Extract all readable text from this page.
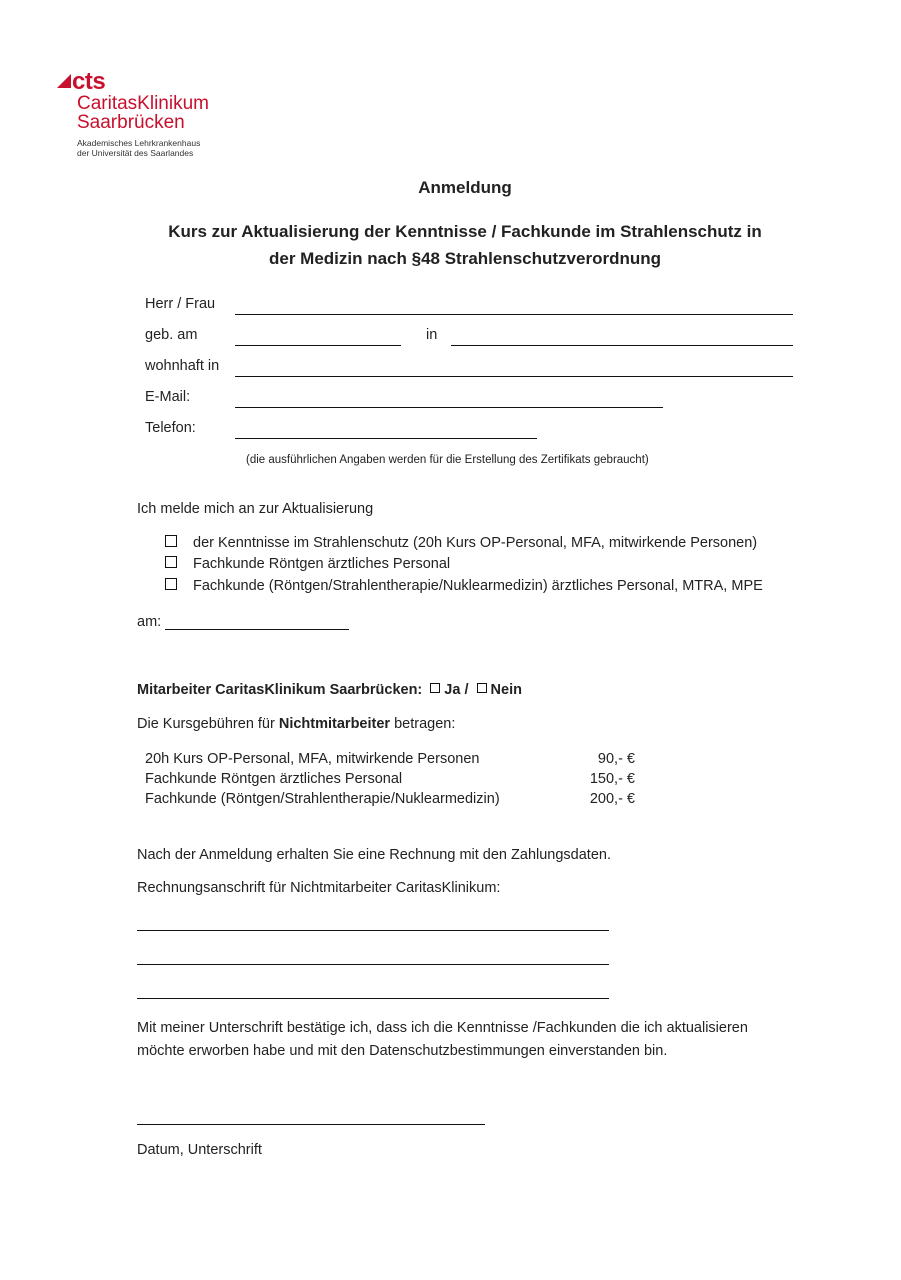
cts
CaritasKlinikum
Saarbrücken
Akademisches Lehrkrankenhaus
der Universität des Saarlandes
Anmeldung
Kurs zur Aktualisierung der Kenntnisse / Fachkunde im Strahlenschutz in
der Medizin nach §48 Strahlenschutzverordnung
Herr / Frau
geb. am	in
wohnhaft in
E-Mail:
Telefon:
(die ausführlichen Angaben werden für die Erstellung des Zertifikats gebraucht)
Ich melde mich an zur Aktualisierung
der Kenntnisse im Strahlenschutz (20h Kurs OP-Personal, MFA, mitwirkende Personen)
Fachkunde Röntgen ärztliches Personal
Fachkunde (Röntgen/Strahlentherapie/Nuklearmedizin) ärztliches Personal, MTRA, MPE
am:
Mitarbeiter CaritasKlinikum Saarbrücken: Ja / Nein
Die Kursgebühren für Nichtmitarbeiter betragen:
20h Kurs OP-Personal, MFA, mitwirkende Personen	90,- €
Fachkunde Röntgen ärztliches Personal	150,- €
Fachkunde (Röntgen/Strahlentherapie/Nuklearmedizin)	200,- €
Nach der Anmeldung erhalten Sie eine Rechnung mit den Zahlungsdaten.
Rechnungsanschrift für Nichtmitarbeiter CaritasKlinikum:
Mit meiner Unterschrift bestätige ich, dass ich die Kenntnisse /Fachkunden die ich aktualisieren
möchte erworben habe und mit den Datenschutzbestimmungen einverstanden bin.
Datum, Unterschrift
